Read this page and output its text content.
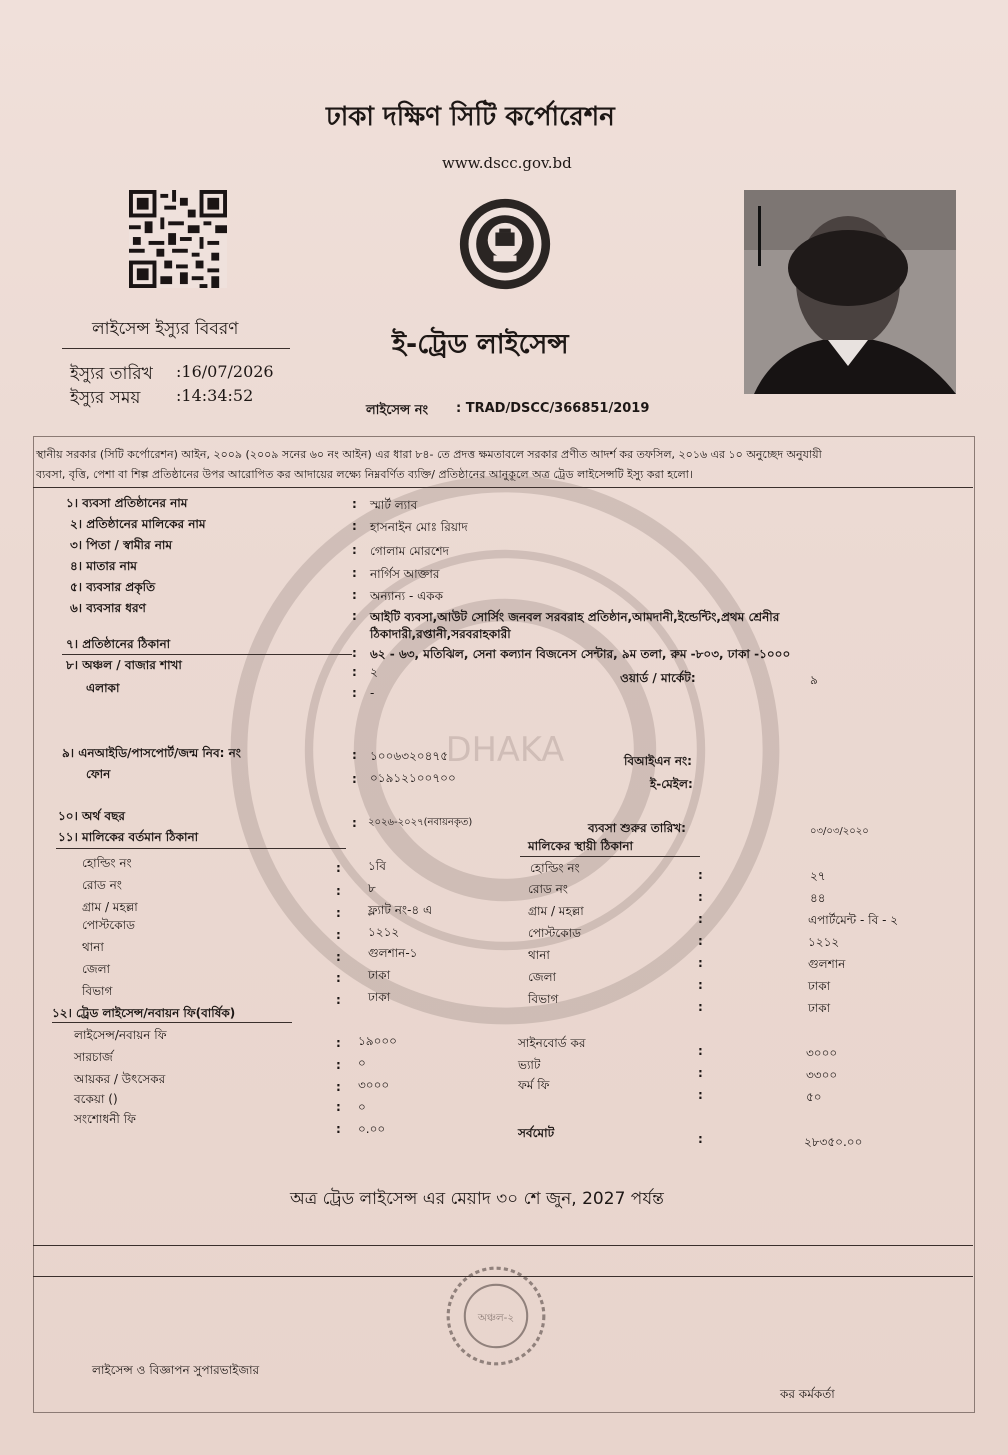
ঢাকা দক্ষিণ সিটি কর্পোরেশন
www.dscc.gov.bd
লাইসেন্স ইস্যুর বিবরণ
ইস্যুর তারিখ :16/07/2026
ইস্যুর সময় :14:34:52
ই-ট্রেড লাইসেন্স
লাইসেন্স নং : TRAD/DSCC/366851/2019
স্থানীয় সরকার (সিটি কর্পোরেশন) আইন, ২০০৯ (২০০৯ সনের ৬০ নং আইন) এর ধারা ৮৪- তে প্রদত্ত ক্ষমতাবলে সরকার প্রণীত আদর্শ কর তফসিল, ২০১৬ এর ১০ অনুচ্ছেদ অনুযায়ী
ব্যবসা, বৃত্তি, পেশা বা শিল্প প্রতিষ্ঠানের উপর আরোপিত কর আদায়ের লক্ষ্যে নিম্নবর্ণিত ব্যক্তি/ প্রতিষ্ঠানের আনুকূলে অত্র ট্রেড লাইসেন্সটি ইস্যু করা হলো।
DHAKA
১। ব্যবসা প্রতিষ্ঠানের নাম	: স্মার্ট ল্যাব
২। প্রতিষ্ঠানের মালিকের নাম	: হাসনাইন মোঃ রিয়াদ
৩। পিতা / স্বামীর নাম	: গোলাম মোরশেদ
৪। মাতার নাম	: নার্গিস আক্তার
৫। ব্যবসার প্রকৃতি
: অন্যান্য - একক
৬। ব্যবসার ধরণ
: আইটি ব্যবসা,আউট সোর্সিং জনবল সরবরাহ প্রতিষ্ঠান,আমদানী,ইন্ডেন্টিং,প্রথম শ্রেনীর
ঠিকাদারী,রপ্তানী,সরবরাহকারী
৭। প্রতিষ্ঠানের ঠিকানা
: ৬২ - ৬৩, মতিঝিল, সেনা কল্যান বিজনেস সেন্টার, ৯ম তলা, রুম -৮০৩, ঢাকা -১০০০
৮। অঞ্চল / বাজার শাখা	: ২	ওয়ার্ড / মার্কেট:	৯
এলাকা	: -
৯। এনআইডি/পাসপোর্ট/জন্ম নিব: নং	: ১০০৬৩২০৪৭৫	বিআইএন নং:
ফোন	: ০১৯১২১০০৭০০	ই-মেইল:
১০। অর্থ বছর	: ২০২৬-২০২৭(নবায়নকৃত)	ব্যবসা শুরুর তারিখ:	০৩/০৩/২০২০
১১। মালিকের বর্তমান ঠিকানা
মালিকের স্থায়ী ঠিকানা
হোল্ডিং নং	: ১বি
রোড নং	: ৮
গ্রাম / মহল্লা	: ফ্ল্যাট নং-৪ এ
পোস্টকোড
: ১২১২
থানা
: গুলশান-১
জেলা
: ঢাকা
বিভাগ
: ঢাকা
হোল্ডিং নং	:	২৭
রোড নং
:	৪৪
গ্রাম / মহল্লা
:	এপার্টমেন্ট - বি - ২
পোস্টকোড
:	১২১২
থানা
:	গুলশান
জেলা
:	ঢাকা
বিভাগ
:	ঢাকা
১২। ট্রেড লাইসেন্স/নবায়ন ফি(বার্ষিক)
লাইসেন্স/নবায়ন ফি
: ১৯০০০
সারচার্জ
: ০
আয়কর / উৎসেকর
: ৩০০০
বকেয়া ()
: ০
সংশোধনী ফি
: ০.০০
সাইনবোর্ড কর
:	৩০০০
ভ্যাট
:	৩৩০০
ফর্ম ফি
:	৫০
সর্বমোট	:	২৮৩৫০.০০
অত্র ট্রেড লাইসেন্স এর মেয়াদ ৩০ শে জুন, 2027 পর্যন্ত
অঞ্চল-২
লাইসেন্স ও বিজ্ঞাপন সুপারভাইজার
কর কর্মকর্তা
